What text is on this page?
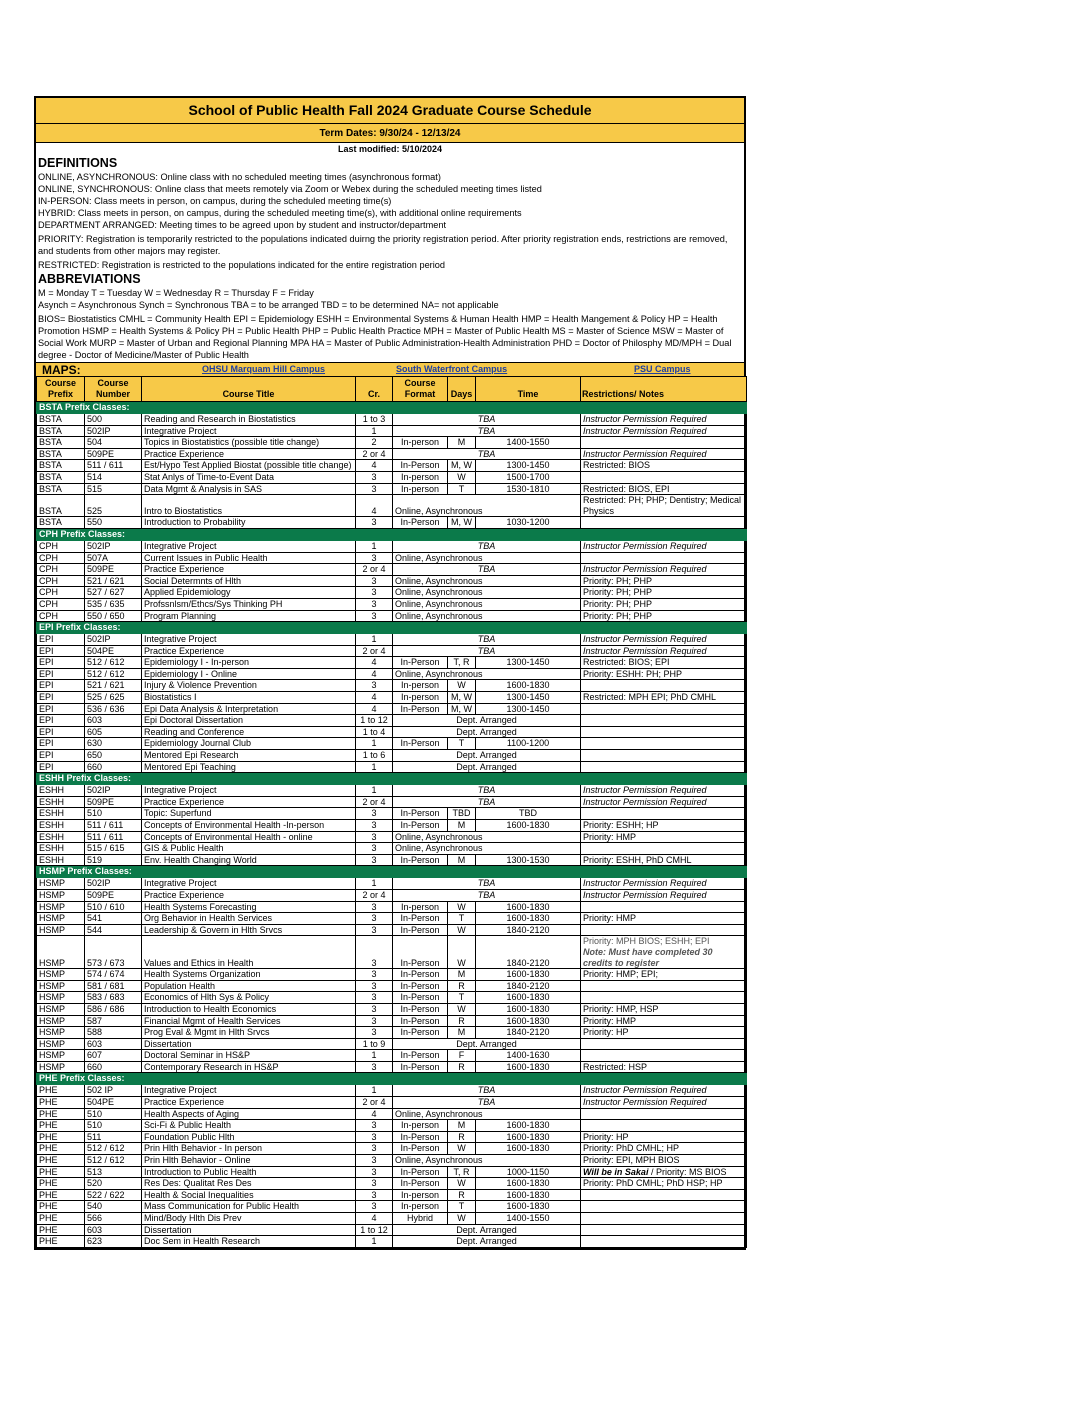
School of Public Health Fall 2024 Graduate Course Schedule
Term Dates: 9/30/24 - 12/13/24
Last modified: 5/10/2024
DEFINITIONS

ONLINE, ASYNCHRONOUS: Online class with no scheduled meeting times (asynchronous format)

ONLINE, SYNCHRONOUS: Online class that meets remotely via Zoom or Webex during the scheduled meeting times listed

IN-PERSON: Class meets in person, on campus, during the scheduled meeting time(s)

HYBRID: Class meets in person, on campus, during the scheduled meeting time(s), with additional online requirements

DEPARTMENT ARRANGED: Meeting times to be agreed upon by student and instructor/department

PRIORITY: Registration is temporarily restricted to the populations indicated duirng the priority registration period. After priority registration ends, restrictions are removed, and students from other majors may register.

RESTRICTED: Registration is restricted to the populations indicated for the entire registration period

ABBREVIATIONS

M = Monday T = Tuesday W = Wednesday R = Thursday F = Friday

Asynch = Asynchronous Synch = Synchronous TBA = to be arranged TBD = to be determined NA= not applicable

BIOS= Biostatistics CMHL = Community Health EPI = Epidemiology ESHH = Environmental Systems & Human Health HMP = Health Mangement & Policy HP = Health Promotion HSMP = Health Systems & Policy PH = Public Health PHP = Public Health Practice MPH = Master of Public Health MS = Master of Science MSW = Master of Social Work MURP = Master of Urban and Regional Planning MPA HA = Master of Public Administration-Health Administration PHD = Doctor of Philosphy MD/MPH = Dual degree - Doctor of Medicine/Master of Public Health

MAPS:	OHSU Marquam Hill Campus	South Waterfront Campus	PSU Campus
Course Prefix	Course Number	Course Title	Cr.	Course Format	Days	Time	Restrictions/ Notes
BSTA Prefix Classes:							
BSTA	500	Reading and Research in Biostatistics	1 to 3	TBA			Instructor Permission Required
BSTA	502IP	Integrative Project	1	TBA			Instructor Permission Required
BSTA	504	Topics in Biostatistics (possible title change)	2	In-person	M	1400-1550	
BSTA	509PE	Practice Experience	2 or 4	TBA			Instructor Permission Required
BSTA	511 / 611	Est/Hypo Test Applied Biostat (possible title change)	4	In-Person	M, W	1300-1450	Restricted: BIOS
BSTA	514	Stat Anlys of Time-to-Event Data	3	In-person	W	1500-1700	
BSTA	515	Data Mgmt & Analysis in SAS	3	In-person	T	1530-1810	Restricted: BIOS, EPI
BSTA	525	Intro to Biostatistics	4	Online, Asynchronous			Restricted: PH; PHP; Dentistry; Medical Physics
BSTA	550	Introduction to Probability	3	In-Person	M, W	1030-1200	
CPH Prefix Classes:							
CPH	502IP	Integrative Project	1	TBA			Instructor Permission Required
CPH	507A	Current Issues in Public Health	3	Online, Asynchronous			
CPH	509PE	Practice Experience	2 or 4	TBA			Instructor Permission Required
CPH	521 / 621	Social Determnts of Hlth	3	Online, Asynchronous			Priority: PH; PHP
CPH	527 / 627	Applied Epidemiology	3	Online, Asynchronous			Priority: PH; PHP
CPH	535 / 635	Profssnlsm/Ethcs/Sys Thinking PH	3	Online, Asynchronous			Priority: PH; PHP
CPH	550 / 650	Program Planning	3	Online, Asynchronous			Priority: PH; PHP
EPI Prefix Classes:							
EPI	502IP	Integrative Project	1	TBA			Instructor Permission Required
EPI	504PE	Practice Experience	2 or 4	TBA			Instructor Permission Required
EPI	512 / 612	Epidemiology I - In-person	4	In-Person	T, R	1300-1450	Restricted: BIOS; EPI
EPI	512 / 612	Epidemiology I - Online	4	Online, Asynchronous			Priority: ESHH: PH; PHP
EPI	521 / 621	Injury & Violence Prevention	3	In-person	W	1600-1830	
EPI	525 / 625	Biostatistics I	4	In-person	M, W	1300-1450	Restricted: MPH EPI; PhD CMHL
EPI	536 / 636	Epi Data Analysis & Interpretation	4	In-Person	M, W	1300-1450	
EPI	603	Epi Doctoral Dissertation	1 to 12	Dept. Arranged			
EPI	605	Reading and Conference	1 to 4	Dept. Arranged			
EPI	630	Epidemiology Journal Club	1	In-Person	T	1100-1200	
EPI	650	Mentored Epi Research	1 to 6	Dept. Arranged			
EPI	660	Mentored Epi Teaching	1	Dept. Arranged			
ESHH Prefix Classes:							
ESHH	502IP	Integrative Project	1	TBA			Instructor Permission Required
ESHH	509PE	Practice Experience	2 or 4	TBA			Instructor Permission Required
ESHH	510	Topic: Superfund	3	In-Person	TBD	TBD	
ESHH	511 / 611	Concepts of Environmental Health -In-person	3	In-Person	M	1600-1830	Priority: ESHH; HP
ESHH	511 / 611	Concepts of Environmental Health - online	3	Online, Asynchronous			Priority: HMP
ESHH	515 / 615	GIS & Public Health	3	Online, Asynchronous			
ESHH	519	Env. Health Changing World	3	In-Person	M	1300-1530	Priority: ESHH, PhD CMHL
HSMP Prefix Classes:							
HSMP	502IP	Integrative Project	1	TBA			Instructor Permission Required
HSMP	509PE	Practice Experience	2 or 4	TBA			Instructor Permission Required
HSMP	510 / 610	Health Systems Forecasting	3	In-person	W	1600-1830	
HSMP	541	Org Behavior in Health Services	3	In-Person	T	1600-1830	Priority: HMP
HSMP	544	Leadership & Govern in Hlth Srvcs	3	In-Person	W	1840-2120	
HSMP	573 / 673	Values and Ethics in Health	3	In-Person	W	1840-2120	Priority: MPH BIOS; ESHH; EPI
Note: Must have completed 30 credits to register

HSMP	574 / 674	Health Systems Organization	3	In-Person	M	1600-1830	Priority: HMP; EPI;
HSMP	581 / 681	Population Health	3	In-Person	R	1840-2120	
HSMP	583 / 683	Economics of Hlth Sys & Policy	3	In-Person	T	1600-1830	
HSMP	586 / 686	Introduction to Health Economics	3	In-Person	W	1600-1830	Priority: HMP, HSP
HSMP	587	Financial Mgmt of Health Services	3	In-Person	R	1600-1830	Priority: HMP
HSMP	588	Prog Eval & Mgmt in Hlth Srvcs	3	In-Person	M	1840-2120	Priority: HP
HSMP	603	Dissertation	1 to 9	Dept. Arranged			
HSMP	607	Doctoral Seminar in HS&P	1	In-Person	F	1400-1630	
HSMP	660	Contemporary Research in HS&P	3	In-Person	R	1600-1830	Restricted: HSP
PHE Prefix Classes:							
PHE	502 IP	Integrative Project	1	TBA			Instructor Permission Required
PHE	504PE	Practice Experience	2 or 4	TBA			Instructor Permission Required
PHE	510	Health Aspects of Aging	4	Online, Asynchronous			
PHE	510	Sci-Fi & Public Health	3	In-person	M	1600-1830	
PHE	511	Foundation Public Hlth	3	In-Person	R	1600-1830	Priority: HP
PHE	512 / 612	Prin Hlth Behavior - In person	3	In-Person	W	1600-1830	Priority: PhD CMHL; HP
PHE	512 / 612	Prin Hlth Behavior - Online	3	Online, Asynchronous			Priority: EPI, MPH BIOS
PHE	513	Introduction to Public Health	3	In-Person	T, R	1000-1150	Will be in Sakai / Priority: MS BIOS
PHE	520	Res Des: Qualitat Res Des	3	In-Person	W	1600-1830	Priority: PhD CMHL; PhD HSP; HP
PHE	522 / 622	Health & Social Inequalities	3	In-person	R	1600-1830	
PHE	540	Mass Communication for Public Health	3	In-person	T	1600-1830	
PHE	566	Mind/Body Hlth Dis Prev	4	Hybrid	W	1400-1550	
PHE	603	Dissertation	1 to 12	Dept. Arranged			
PHE	623	Doc Sem in Health Research	1	Dept. Arranged			
